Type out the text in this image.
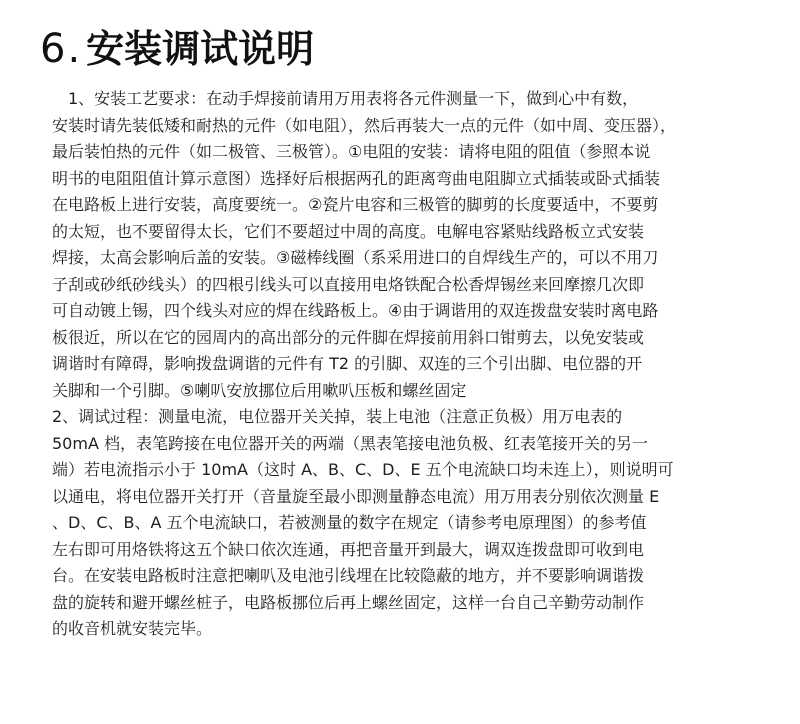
6 . 安装调试说明
　1、安装工艺要求：在动手焊接前请用万用表将各元件测量一下，做到心中有数，
安装时请先装低矮和耐热的元件（如电阻），然后再装大一点的元件（如中周、变压器），
最后装怕热的元件（如二极管、三极管）。①电阻的安装：请将电阻的阻值（参照本说
明书的电阻阻值计算示意图）选择好后根据两孔的距离弯曲电阻脚立式插装或卧式插装
在电路板上进行安装，高度要统一。②瓷片电容和三极管的脚剪的长度要适中，不要剪
的太短，也不要留得太长，它们不要超过中周的高度。电解电容紧贴线路板立式安装
焊接，太高会影响后盖的安装。③磁棒线圈（系采用进口的自焊线生产的，可以不用刀
子刮或砂纸砂线头）的四根引线头可以直接用电烙铁配合松香焊锡丝来回摩擦几次即
可自动镀上锡，四个线头对应的焊在线路板上。④由于调谐用的双连拨盘安装时离电路
板很近，所以在它的园周内的高出部分的元件脚在焊接前用斜口钳剪去，以免安装或
调谐时有障碍，影响拨盘调谐的元件有 T2 的引脚、双连的三个引出脚、电位器的开
关脚和一个引脚。⑤喇叭安放挪位后用嗽叭压板和螺丝固定
2、调试过程：测量电流，电位器开关关掉，装上电池（注意正负极）用万电表的
50mA 档，表笔跨接在电位器开关的两端（黑表笔接电池负极、红表笔接开关的另一
端）若电流指示小于 10mA（这时 A、B、C、D、E 五个电流缺口均未连上），则说明可
以通电，将电位器开关打开（音量旋至最小即测量静态电流）用万用表分别依次测量 E
、D、C、B、A 五个电流缺口，若被测量的数字在规定（请参考电原理图）的参考值
左右即可用烙铁将这五个缺口依次连通，再把音量开到最大，调双连拨盘即可收到电
台。在安装电路板时注意把喇叭及电池引线埋在比较隐蔽的地方，并不要影响调谐拨
盘的旋转和避开螺丝桩子，电路板挪位后再上螺丝固定，这样一台自己辛勤劳动制作
的收音机就安装完毕。
